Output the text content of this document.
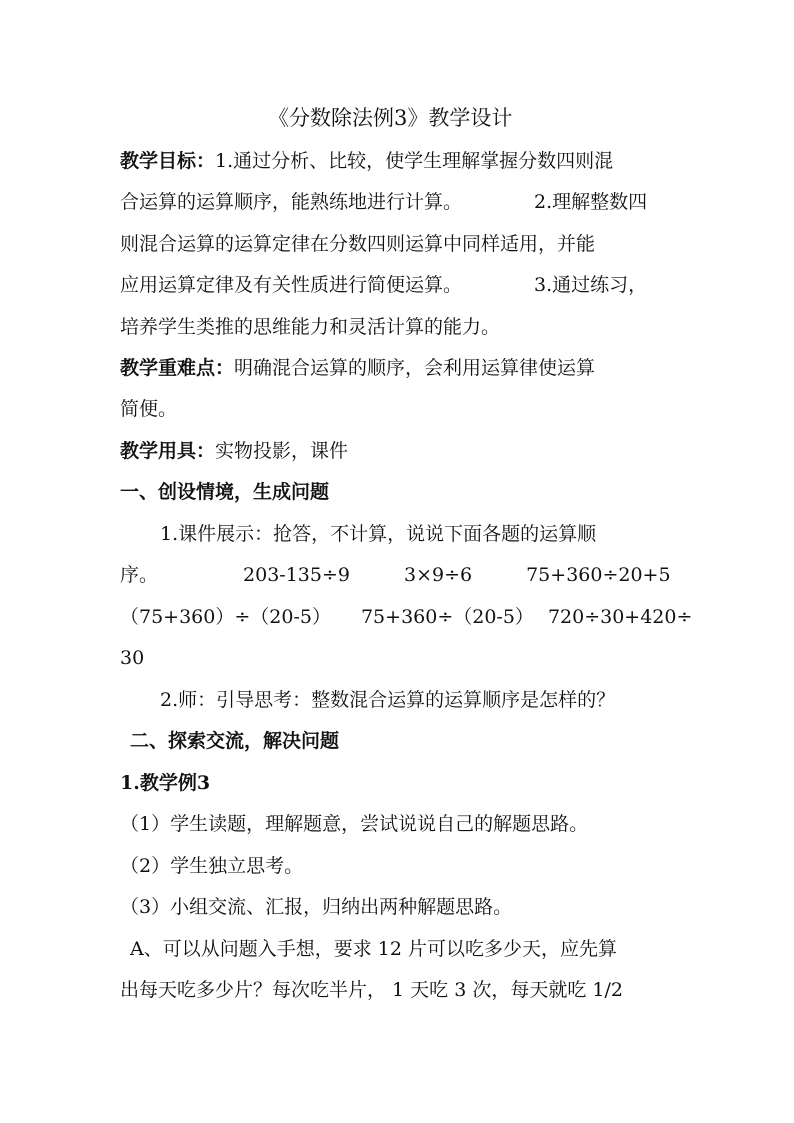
《分数除法例3》教学设计
教学目标：1.通过分析、比较，使学生理解掌握分数四则混
合运算的运算顺序，能熟练地进行计算。	2.理解整数四
则混合运算的运算定律在分数四则运算中同样适用，并能
应用运算定律及有关性质进行简便运算。	3.通过练习，
培养学生类推的思维能力和灵活计算的能力。
教学重难点：明确混合运算的顺序，会利用运算律使运算
简便。
教学用具：实物投影，课件
一、创设情境，生成问题
1.课件展示：抢答，不计算，说说下面各题的运算顺
序。	203-135÷9	3×9÷6	75+360÷20+5
（75+360）÷（20-5） 75+360÷（20-5） 720÷30+420÷
30
2.师：引导思考：整数混合运算的运算顺序是怎样的？
二、探索交流，解决问题
1.教学例3
（1）学生读题，理解题意，尝试说说自己的解题思路。
（2）学生独立思考。
（3）小组交流、汇报，归纳出两种解题思路。
A、可以从问题入手想，要求 12 片可以吃多少天，应先算
出每天吃多少片？每次吃半片， 1 天吃 3 次，每天就吃 1/2
